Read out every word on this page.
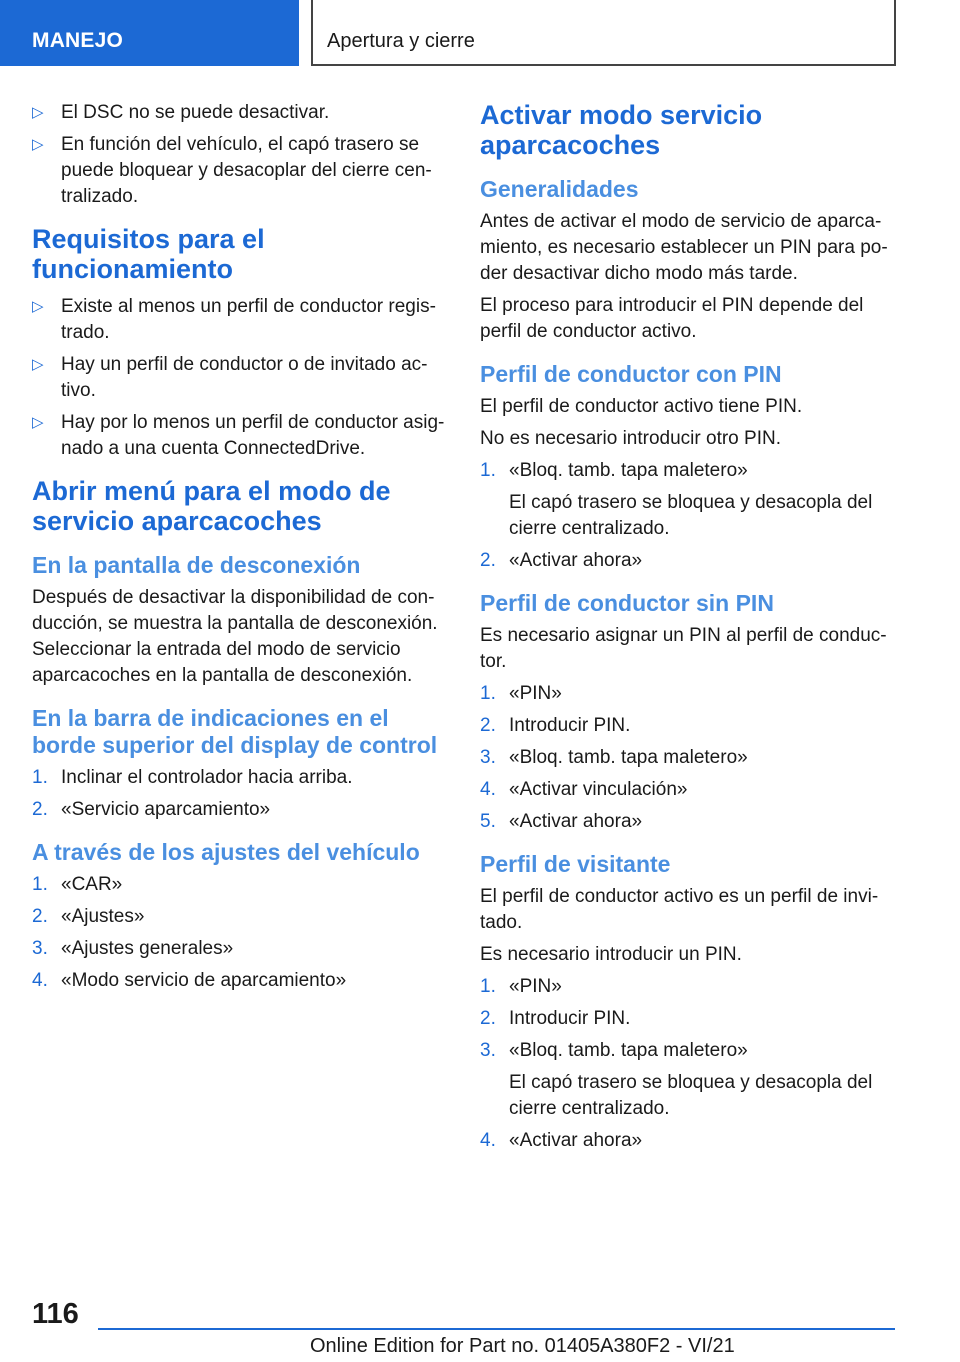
MANEJO	Apertura y cierre
▷ El DSC no se puede desactivar.
▷ En función del vehículo, el capó trasero se puede bloquear y desacoplar del cierre centralizado.
Requisitos para el funcionamiento
▷ Existe al menos un perfil de conductor registrado.
▷ Hay un perfil de conductor o de invitado activo.
▷ Hay por lo menos un perfil de conductor asignado a una cuenta ConnectedDrive.
Abrir menú para el modo de servicio aparcacoches
En la pantalla de desconexión

Después de desactivar la disponibilidad de conducción, se muestra la pantalla de desconexión. Seleccionar la entrada del modo de servicio aparcacoches en la pantalla de desconexión.

En la barra de indicaciones en el borde superior del display de control
1. Inclinar el controlador hacia arriba.
2. «Servicio aparcamiento»
A través de los ajustes del vehículo
1. «CAR»
2. «Ajustes»
3. «Ajustes generales»
4. «Modo servicio de aparcamiento»
Activar modo servicio aparcacoches
Generalidades

Antes de activar el modo de servicio de aparcamiento, es necesario establecer un PIN para poder desactivar dicho modo más tarde.

El proceso para introducir el PIN depende del perfil de conductor activo.

Perfil de conductor con PIN

El perfil de conductor activo tiene PIN.

No es necesario introducir otro PIN.

1. «Bloq. tamb. tapa maletero»
El capó trasero se bloquea y desacopla del cierre centralizado.
2. «Activar ahora»
Perfil de conductor sin PIN

Es necesario asignar un PIN al perfil de conductor.

1. «PIN»
2. Introducir PIN.
3. «Bloq. tamb. tapa maletero»
4. «Activar vinculación»
5. «Activar ahora»
Perfil de visitante

El perfil de conductor activo es un perfil de invitado.

Es necesario introducir un PIN.

1. «PIN»
2. Introducir PIN.
3. «Bloq. tamb. tapa maletero»
El capó trasero se bloquea y desacopla del cierre centralizado.
4. «Activar ahora»
116
Online Edition for Part no. 01405A380F2 - VI/21
